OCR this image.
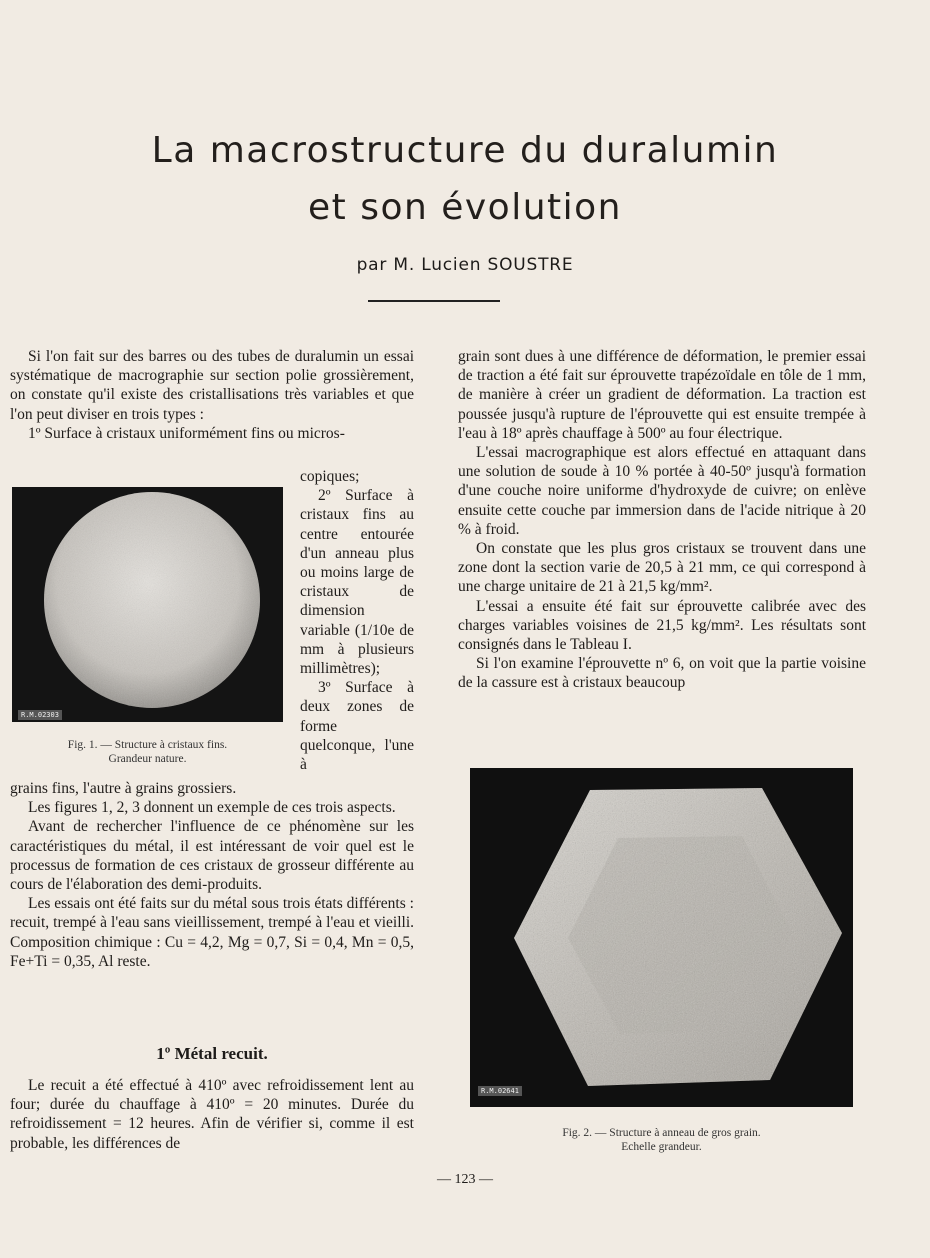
La macrostructure du duralumin
et son évolution
par M. Lucien SOUSTRE

Si l'on fait sur des barres ou des tubes de duralumin un essai systématique de macrographie sur section polie grossièrement, on constate qu'il existe des cristallisations très variables et que l'on peut diviser en trois types :

1º Surface à cristaux uniformément fins ou micros-

R.M.02303
Fig. 1. — Structure à cristaux fins.
Grandeur nature.

copiques;

2º Surface à cristaux fins au centre entourée d'un anneau plus ou moins large de cristaux de dimension variable (1/10e de mm à plusieurs millimètres);

3º Surface à deux zones de forme quelconque, l'une à

grains fins, l'autre à grains grossiers.

Les figures 1, 2, 3 donnent un exemple de ces trois aspects.

Avant de rechercher l'influence de ce phénomène sur les caractéristiques du métal, il est intéressant de voir quel est le processus de formation de ces cristaux de grosseur différente au cours de l'élaboration des demi-produits.

Les essais ont été faits sur du métal sous trois états différents : recuit, trempé à l'eau sans vieillissement, trempé à l'eau et vieilli. Composition chimique : Cu = 4,2, Mg = 0,7, Si = 0,4, Mn = 0,5, Fe+Ti = 0,35, Al reste.

1º Métal recuit.

Le recuit a été effectué à 410º avec refroidissement lent au four; durée du chauffage à 410º = 20 minutes. Durée du refroidissement = 12 heures. Afin de vérifier si, comme il est probable, les différences de

grain sont dues à une différence de déformation, le premier essai de traction a été fait sur éprouvette trapézoïdale en tôle de 1 mm, de manière à créer un gradient de déformation. La traction est poussée jusqu'à rupture de l'éprouvette qui est ensuite trempée à l'eau à 18º après chauffage à 500º au four électrique.

L'essai macrographique est alors effectué en attaquant dans une solution de soude à 10 % portée à 40-50º jusqu'à formation d'une couche noire uniforme d'hydroxyde de cuivre; on enlève ensuite cette couche par immersion dans de l'acide nitrique à 20 % à froid.

On constate que les plus gros cristaux se trouvent dans une zone dont la section varie de 20,5 à 21 mm, ce qui correspond à une charge unitaire de 21 à 21,5 kg/mm².

L'essai a ensuite été fait sur éprouvette calibrée avec des charges variables voisines de 21,5 kg/mm². Les résultats sont consignés dans le Tableau I.

Si l'on examine l'éprouvette nº 6, on voit que la partie voisine de la cassure est à cristaux beaucoup

R.M.02641
Fig. 2. — Structure à anneau de gros grain.
Echelle grandeur.
— 123 —
